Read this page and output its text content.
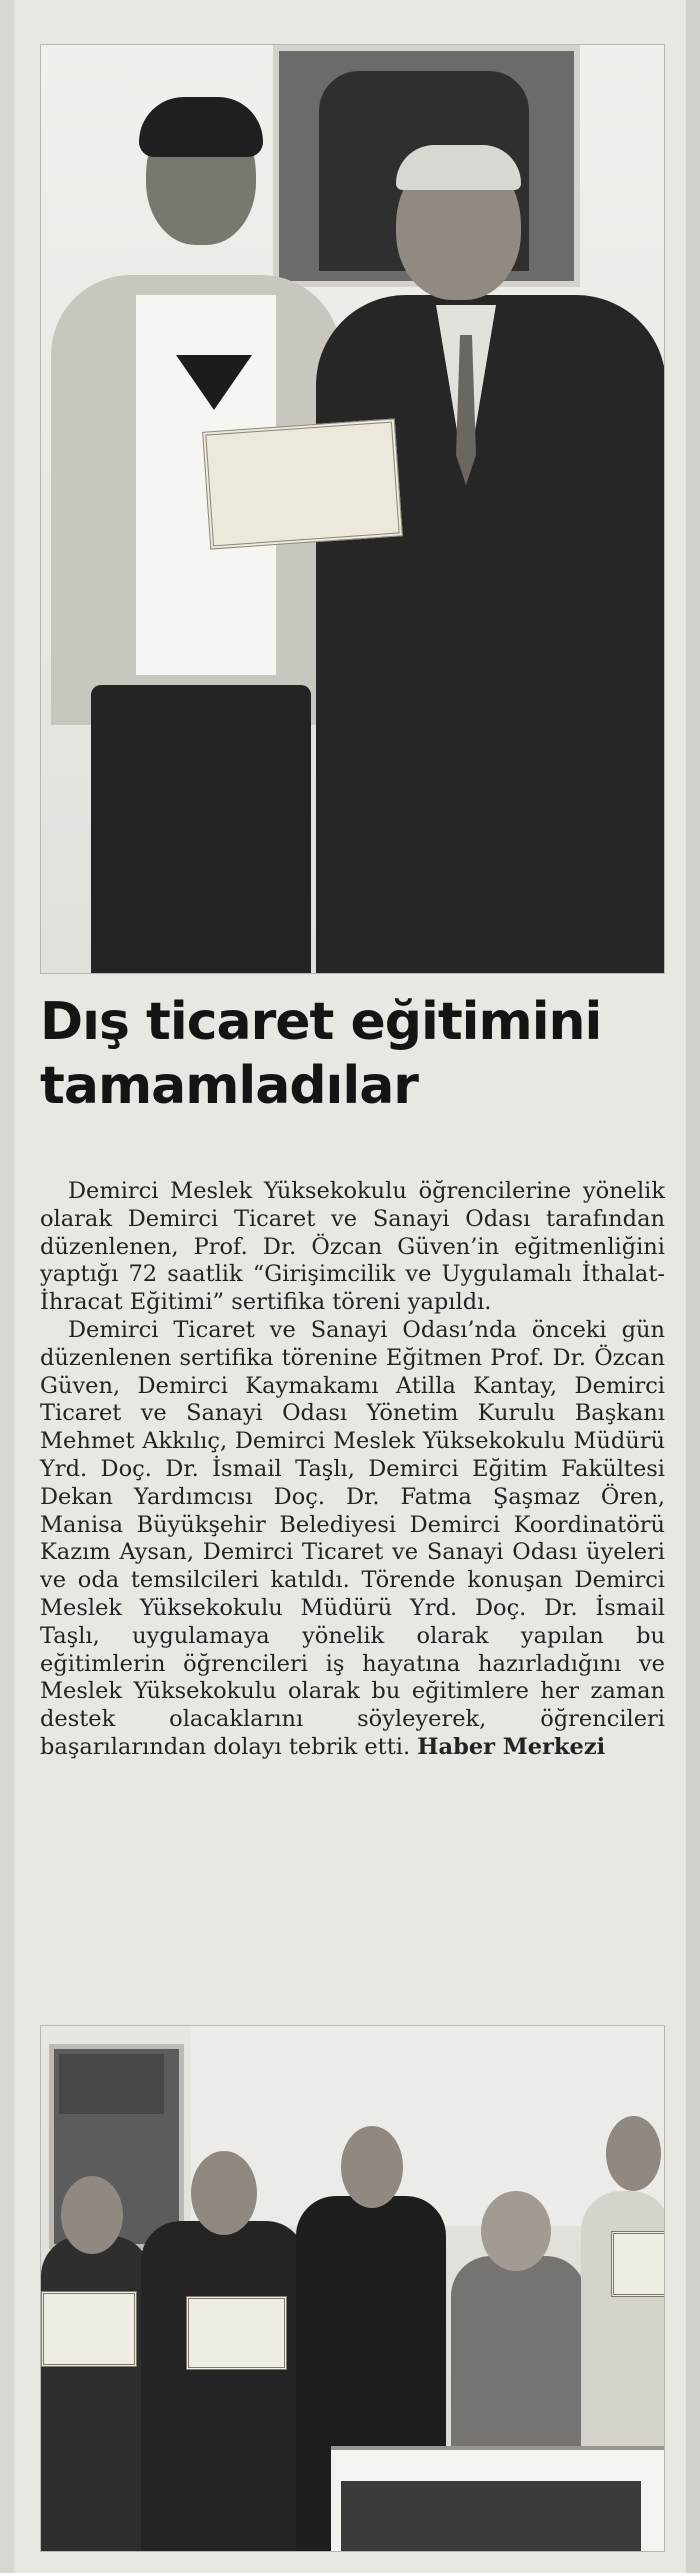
Dış ticaret eğitimini
tamamladılar

Demirci Meslek Yüksekokulu öğrencilerine yönelik olarak Demirci Ticaret ve Sanayi Odası tarafından düzenlenen, Prof. Dr. Özcan Güven’in eğitmenliğini yaptığı 72 saatlik “Girişimcilik ve Uygulamalı İthalat-İhracat Eğitimi” sertifika töreni yapıldı.

Demirci Ticaret ve Sanayi Odası’nda önceki gün düzenlenen sertifika törenine Eğitmen Prof. Dr. Özcan Güven, Demirci Kaymakamı Atilla Kantay, Demirci Ticaret ve Sanayi Odası Yönetim Kurulu Başkanı Mehmet Akkılıç, Demirci Meslek Yüksekokulu Müdürü Yrd. Doç. Dr. İsmail Taşlı, Demirci Eğitim Fakültesi Dekan Yardımcısı Doç. Dr. Fatma Şaşmaz Ören, Manisa Büyükşehir Belediyesi Demirci Koordinatörü Kazım Aysan, Demirci Ticaret ve Sanayi Odası üyeleri ve oda temsilcileri katıldı. Törende konuşan Demirci Meslek Yüksekokulu Müdürü Yrd. Doç. Dr. İsmail Taşlı, uygulamaya yönelik olarak yapılan bu eğitimlerin öğrencileri iş hayatına hazırladığını ve Meslek Yüksekokulu olarak bu eğitimlere her zaman destek olacaklarını söyleyerek, öğrencileri başarılarından dolayı tebrik etti. Haber Merkezi
